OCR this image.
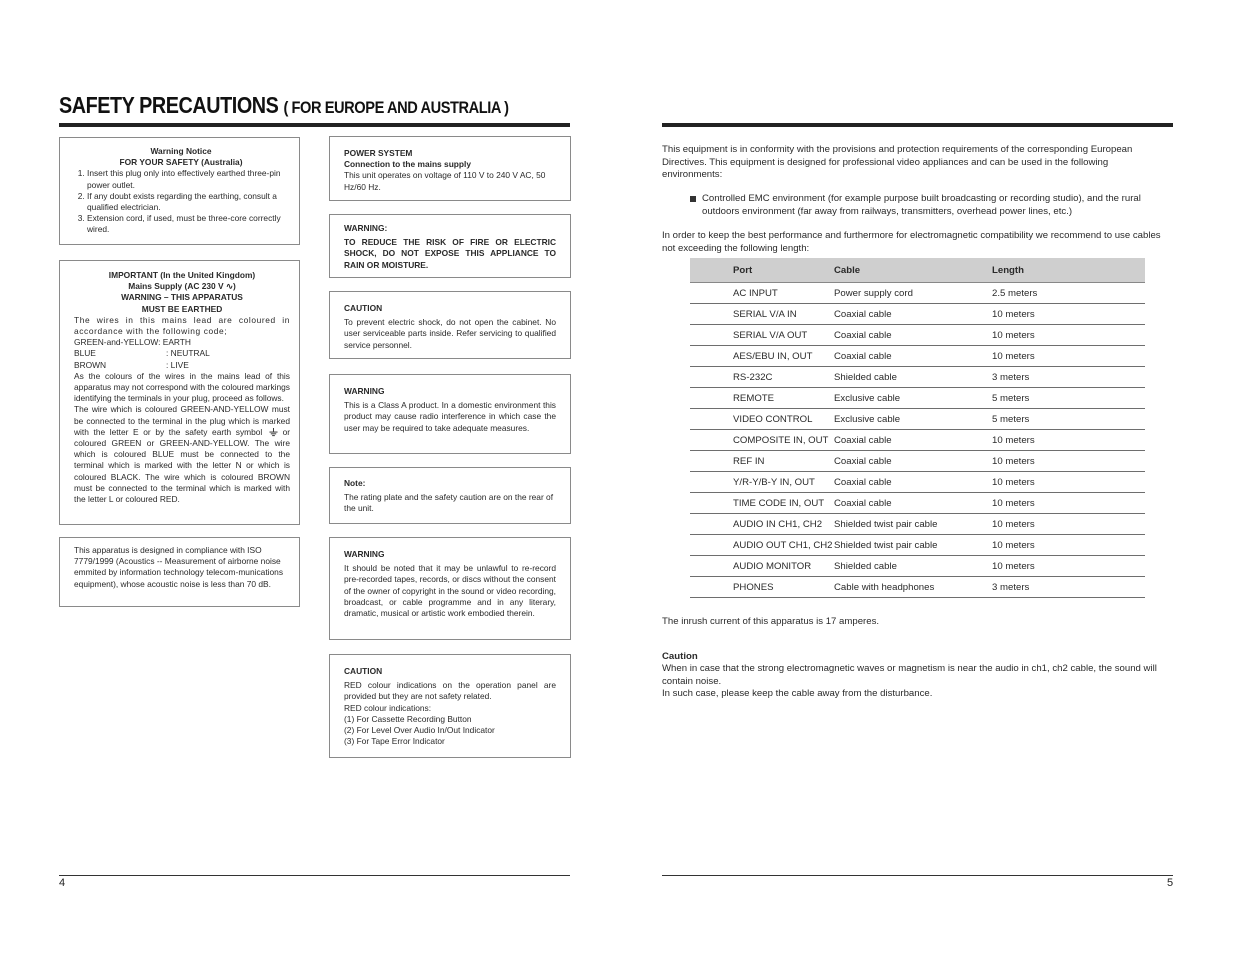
SAFETY PRECAUTIONS ( FOR EUROPE AND AUSTRALIA )

Warning Notice

FOR YOUR SAFETY (Australia)

1. Insert this plug only into effectively earthed three-pin power outlet.
2. If any doubt exists regarding the earthing, consult a qualified electrician.
3. Extension cord, if used, must be three-core correctly wired.

IMPORTANT (In the United Kingdom)

Mains Supply (AC 230 V ∿)

WARNING – THIS APPARATUS

MUST BE EARTHED

The wires in this mains lead are coloured in accordance with the following code;

GREEN-and-YELLOW: EARTH

BLUE	: NEUTRAL
BROWN	: LIVE

As the colours of the wires in the mains lead of this apparatus may not correspond with the coloured markings identifying the terminals in your plug, proceed as follows.

The wire which is coloured GREEN-AND-YELLOW must be connected to the terminal in the plug which is marked with the letter E or by the safety earth symbol or coloured GREEN or GREEN-AND-YELLOW. The wire which is coloured BLUE must be connected to the terminal which is marked with the letter N or which is coloured BLACK. The wire which is coloured BROWN must be connected to the terminal which is marked with the letter L or coloured RED.

This apparatus is designed in compliance with ISO 7779/1999 (Acoustics -- Measurement of airborne noise emmited by information technology telecom-munications equipment), whose acoustic noise is less than 70 dB.

POWER SYSTEM

Connection to the mains supply

This unit operates on voltage of 110 V to 240 V AC, 50 Hz/60 Hz.

WARNING:

TO REDUCE THE RISK OF FIRE OR ELECTRIC SHOCK, DO NOT EXPOSE THIS APPLIANCE TO RAIN OR MOISTURE.

CAUTION

To prevent electric shock, do not open the cabinet. No user serviceable parts inside. Refer servicing to qualified service personnel.

WARNING

This is a Class A product. In a domestic environment this product may cause radio interference in which case the user may be required to take adequate measures.

Note:

The rating plate and the safety caution are on the rear of the unit.

WARNING

It should be noted that it may be unlawful to re-record pre-recorded tapes, records, or discs without the consent of the owner of copyright in the sound or video recording, broadcast, or cable programme and in any literary, dramatic, musical or artistic work embodied therein.

CAUTION

RED colour indications on the operation panel are provided but they are not safety related.

RED colour indications:

(1) For Cassette Recording Button

(2) For Level Over Audio In/Out Indicator

(3) For Tape Error Indicator

4
This equipment is in conformity with the provisions and protection requirements of the corresponding European Directives. This equipment is designed for professional video appliances and can be used in the following environments:
Controlled EMC environment (for example purpose built broadcasting or recording studio), and the rural outdoors environment (far away from railways, transmitters, overhead power lines, etc.)
In order to keep the best performance and furthermore for electromagnetic compatibility we recommend to use cables not exceeding the following length:
Port	Cable	Length
AC INPUT	Power supply cord	2.5 meters
SERIAL V/A IN	Coaxial cable	10 meters
SERIAL V/A OUT	Coaxial cable	10 meters
AES/EBU IN, OUT	Coaxial cable	10 meters
RS-232C	Shielded cable	3 meters
REMOTE	Exclusive cable	5 meters
VIDEO CONTROL	Exclusive cable	5 meters
COMPOSITE IN, OUT	Coaxial cable	10 meters
REF IN	Coaxial cable	10 meters
Y/R-Y/B-Y IN, OUT	Coaxial cable	10 meters
TIME CODE IN, OUT	Coaxial cable	10 meters
AUDIO IN CH1, CH2	Shielded twist pair cable	10 meters
AUDIO OUT CH1, CH2	Shielded twist pair cable	10 meters
AUDIO MONITOR	Shielded cable	10 meters
PHONES	Cable with headphones	3 meters
The inrush current of this apparatus is 17 amperes.
Caution
When in case that the strong electromagnetic waves or magnetism is near the audio in ch1, ch2 cable, the sound will contain noise.
In such case, please keep the cable away from the disturbance.
5
